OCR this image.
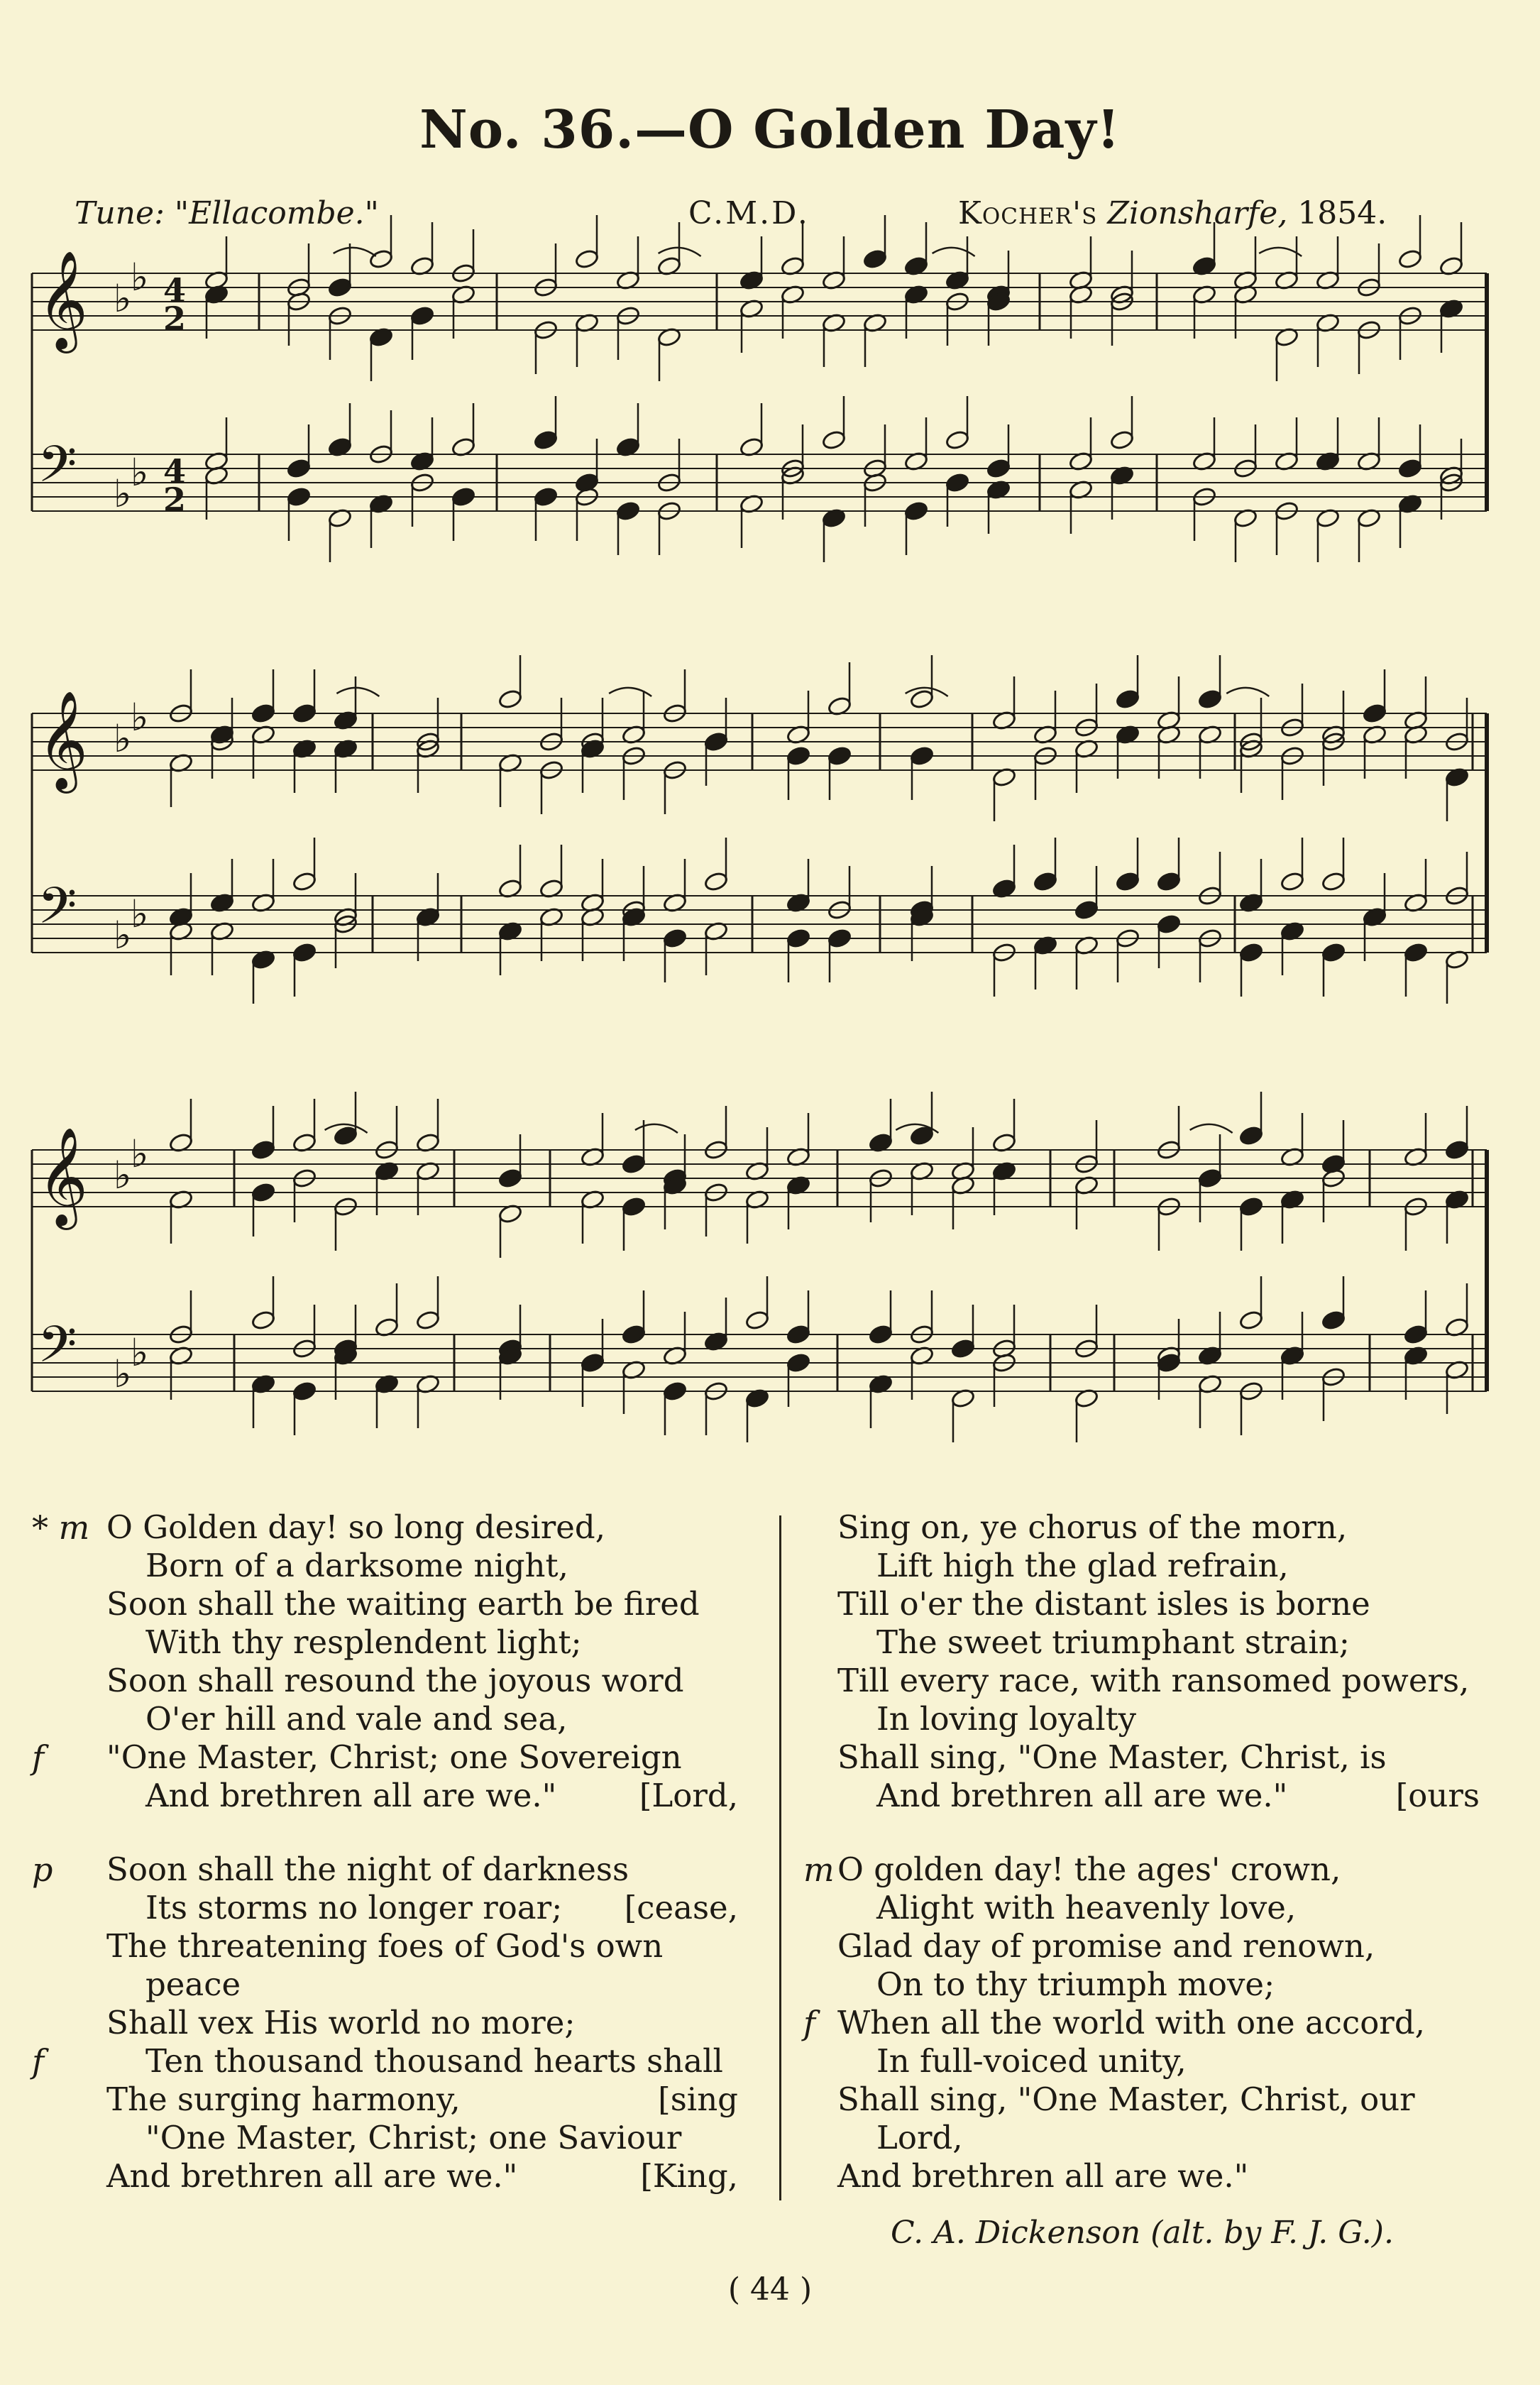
No. 36.—O Golden Day!
Tune: "Ellacombe."	C.M.D.	Kocher's Zionsharfe, 1854.
𝄞
𝄢
♭
♭
♭
♭
4
2
4
2
𝄞
𝄢
♭
♭
♭
♭
𝄞
𝄢
♭
♭
♭
♭
* m O Golden day! so long desired,
Born of a darksome night,
Soon shall the waiting earth be fired
With thy resplendent light;
Soon shall resound the joyous word
O'er hill and vale and sea,
f "One Master, Christ; one Sovereign
And brethren all are we."	[Lord,
p Soon shall the night of darkness
Its storms no longer roar; [cease,
The threatening foes of God's own
peace
Shall vex His world no more;
f	Ten thousand thousand hearts shall
The surging harmony,	[sing
"One Master, Christ; one Saviour
And brethren all are we."	[King,
Sing on, ye chorus of the morn,
Lift high the glad refrain,
Till o'er the distant isles is borne
The sweet triumphant strain;
Till every race, with ransomed powers,
In loving loyalty
Shall sing, "One Master, Christ, is
And brethren all are we."	[ours
m O golden day! the ages' crown,
Alight with heavenly love,
Glad day of promise and renown,
On to thy triumph move;
f When all the world with one accord,
In full-voiced unity,
Shall sing, "One Master, Christ, our
Lord,
And brethren all are we."
C. A. Dickenson (alt. by F. J. G.).
( 44 )
